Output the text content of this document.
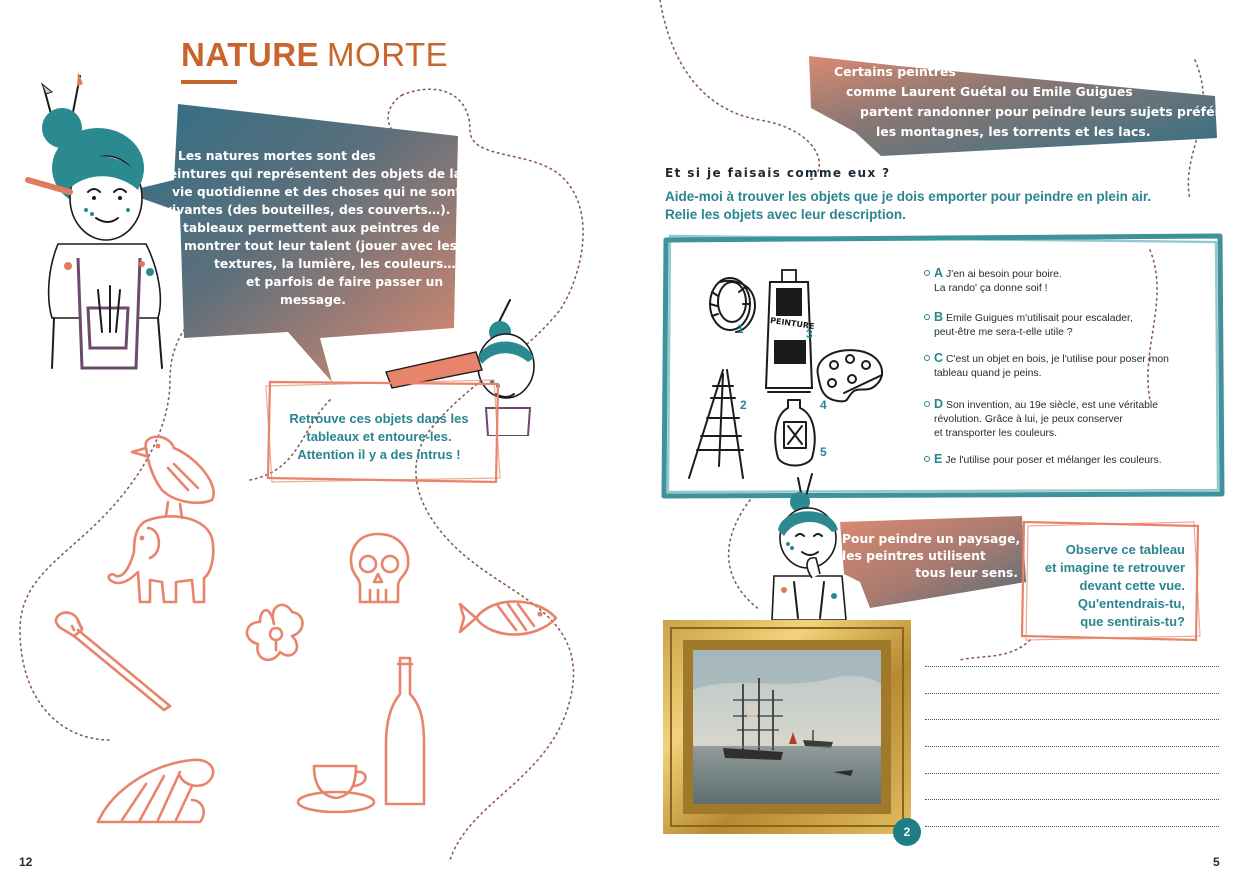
NATURE MORTE
Les natures mortes sont des
peintures qui représentent des objets de la
vie quotidienne et des choses qui ne sont pas
vivantes (des bouteilles, des couverts…).
Ces tableaux permettent aux peintres de
montrer tout leur talent (jouer avec les
textures, la lumière, les couleurs…)
et parfois de faire passer un
message.
Retrouve ces objets dans les
tableaux et entoure-les.
Attention il y a des intrus !
12
Certains peintres
comme Laurent Guétal ou Emile Guigues
partent randonner pour peindre leurs sujets préférés :
les montagnes, les torrents et les lacs.
Et si je faisais comme eux ?
Aide-moi à trouver les objets que je dois emporter pour peindre en plein air.
Relie les objets avec leur description.
1	PEINTURE
3
4
2
5
A J'en ai besoin pour boire.
La rando' ça donne soif !
B Emile Guigues m'utilisait pour escalader,
peut-être me sera-t-elle utile ?
C C'est un objet en bois, je l'utilise pour poser mon
tableau quand je peins.
D Son invention, au 19e siècle, est une véritable
révolution. Grâce à lui, je peux conserver
et transporter les couleurs.
E Je l'utilise pour poser et mélanger les couleurs.
Pour peindre un paysage,
les peintres utilisent
tous leur sens.
Observe ce tableau
et imagine te retrouver
devant cette vue.
Qu'entendrais-tu,
que sentirais-tu?
2
5
